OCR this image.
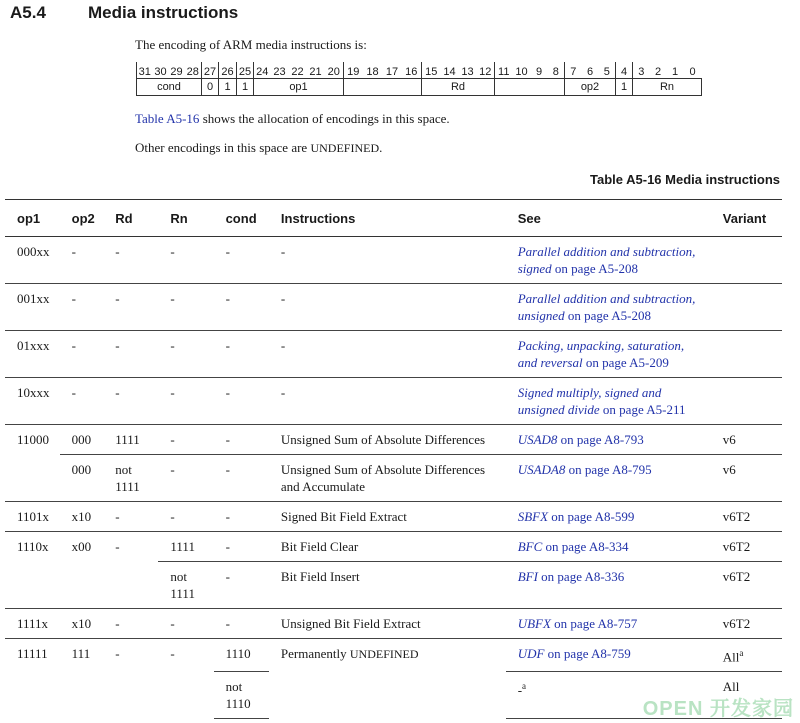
A5.4 Media instructions
The encoding of ARM media instructions is:
31	30	29	28	27	26	25	24	23	22	21	20	19	18	17	16	15	14	13	12	11	10	9	8	7	6	5	4	3	2	1	0
cond				0	1	1	op1									Rd								op2			1	Rn			
Table A5-16 shows the allocation of encodings in this space.
Other encodings in this space are UNDEFINED.
Table A5-16 Media instructions
op1	op2	Rd	Rn	cond	Instructions	See	Variant
000xx	-	-	-	-	-	Parallel addition and subtraction, signed on page A5-208	
001xx	-	-	-	-	-	Parallel addition and subtraction, unsigned on page A5-208	
01xxx	-	-	-	-	-	Packing, unpacking, saturation, and reversal on page A5-209	
10xxx	-	-	-	-	-	Signed multiply, signed and unsigned divide on page A5-211	
11000	000	1111	-	-	Unsigned Sum of Absolute Differences	USAD8 on page A8-793	v6
	000	not 1111	-	-	Unsigned Sum of Absolute Differences and Accumulate	USADA8 on page A8-795	v6
1101x	x10	-	-	-	Signed Bit Field Extract	SBFX on page A8-599	v6T2
1110x	x00	-	1111	-	Bit Field Clear	BFC on page A8-334	v6T2
			not 1111	-	Bit Field Insert	BFI on page A8-336	v6T2
1111x	x10	-	-	-	Unsigned Bit Field Extract	UBFX on page A8-757	v6T2
11111	111	-	-	1110	Permanently UNDEFINED	UDF on page A8-759	All$^a$
				not 1110		-$^a$	All
OPEN 开发家园
